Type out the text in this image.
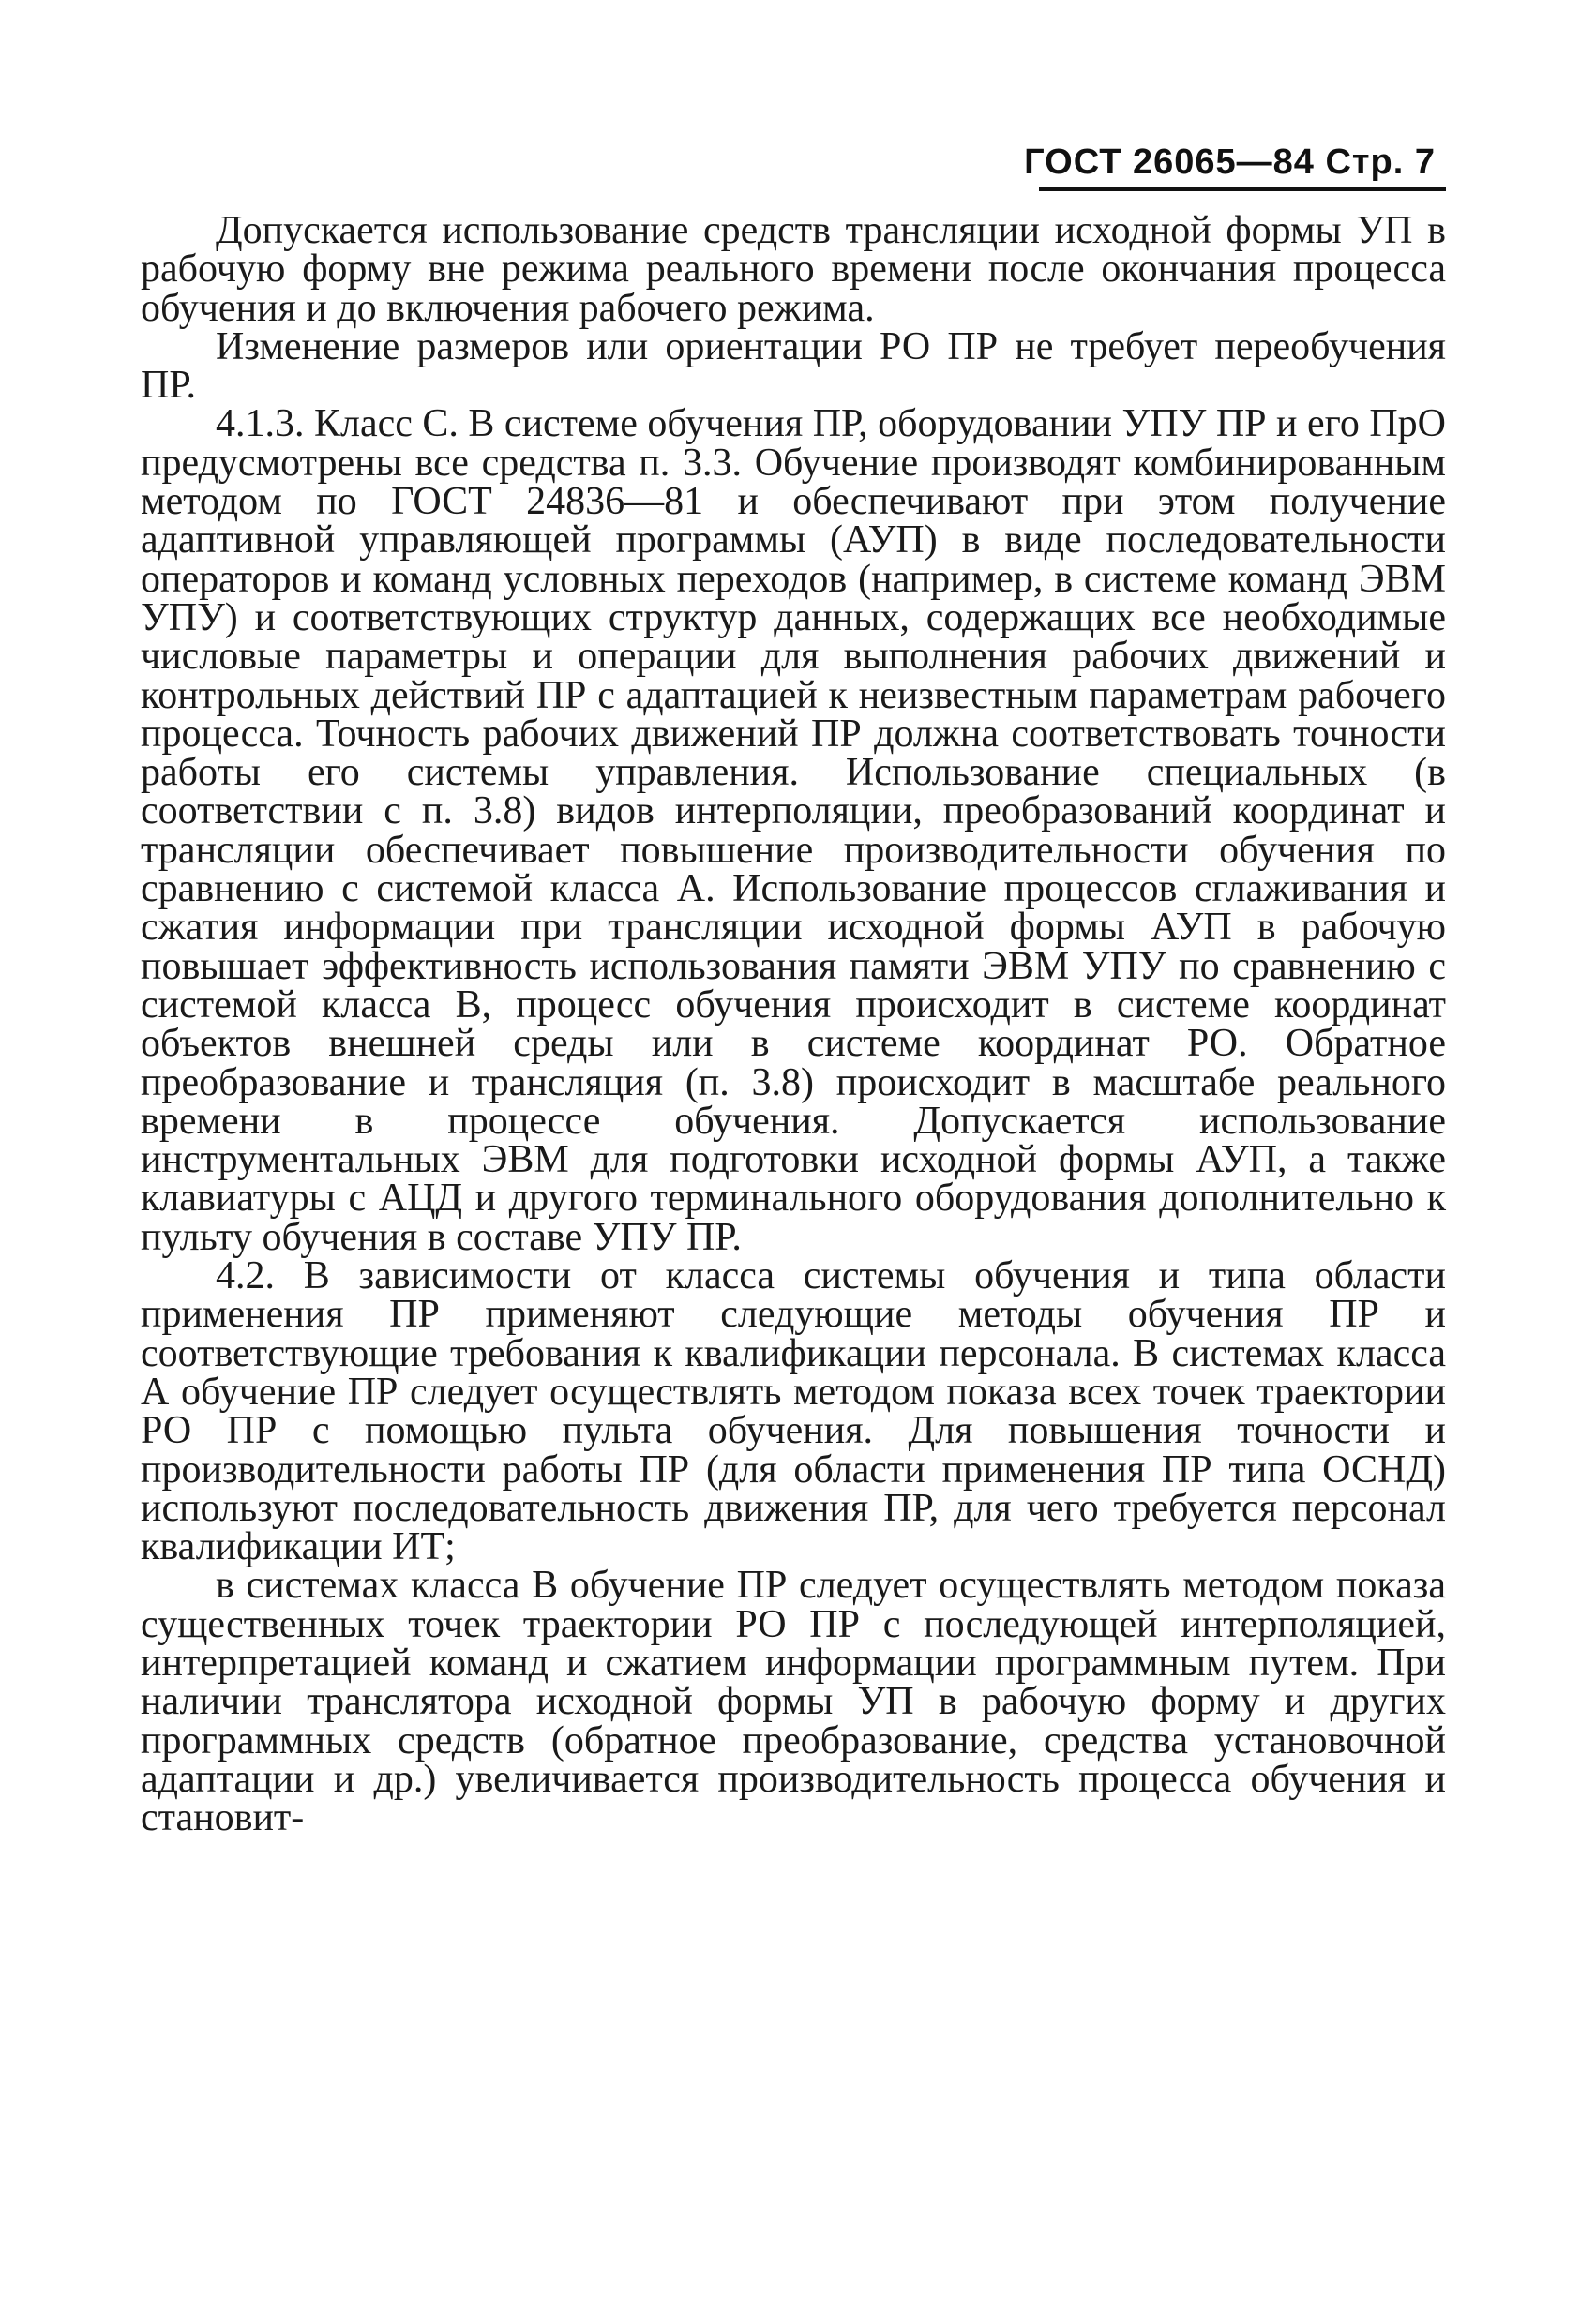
ГОСТ 26065—84 Стр. 7

Допускается использование средств трансляции исходной формы УП в рабочую форму вне режима реального времени после окончания процесса обучения и до включения рабочего режима.

Изменение размеров или ориентации РО ПР не требует переобучения ПР.

4.1.3. Класс С. В системе обучения ПР, оборудовании УПУ ПР и его ПрО предусмотрены все средства п. 3.3. Обучение производят комбинированным методом по ГОСТ 24836—81 и обеспечивают при этом получение адаптивной управляющей программы (АУП) в виде последовательности операторов и команд условных переходов (например, в системе команд ЭВМ УПУ) и соответствующих структур данных, содержащих все необходимые числовые параметры и операции для выполнения рабочих движений и контрольных действий ПР с адаптацией к неизвестным параметрам рабочего процесса. Точность рабочих движений ПР должна соответствовать точности работы его системы управления. Использование специальных (в соответствии с п. 3.8) видов интерполяции, преобразований координат и трансляции обеспечивает повышение производительности обучения по сравнению с системой класса А. Использование процессов сглаживания и сжатия информации при трансляции исходной формы АУП в рабочую повышает эффективность использования памяти ЭВМ УПУ по сравнению с системой класса В, процесс обучения происходит в системе координат объектов внешней среды или в системе координат РО. Обратное преобразование и трансляция (п. 3.8) происходит в масштабе реального времени в процессе обучения. Допускается использование инструментальных ЭВМ для подготовки исходной формы АУП, а также клавиатуры с АЦД и другого терминального оборудования дополнительно к пульту обучения в составе УПУ ПР.

4.2. В зависимости от класса системы обучения и типа области применения ПР применяют следующие методы обучения ПР и соответствующие требования к квалификации персонала. В системах класса А обучение ПР следует осуществлять методом показа всех точек траектории РО ПР с помощью пульта обучения. Для повышения точности и производительности работы ПР (для области применения ПР типа ОСНД) используют последовательность движения ПР, для чего требуется персонал квалификации ИТ;

в системах класса В обучение ПР следует осуществлять методом показа существенных точек траектории РО ПР с последующей интерполяцией, интерпретацией команд и сжатием информации программным путем. При наличии транслятора исходной формы УП в рабочую форму и других программных средств (обратное преобразование, средства установочной адаптации и др.) увеличивается производительность процесса обучения и становит-
